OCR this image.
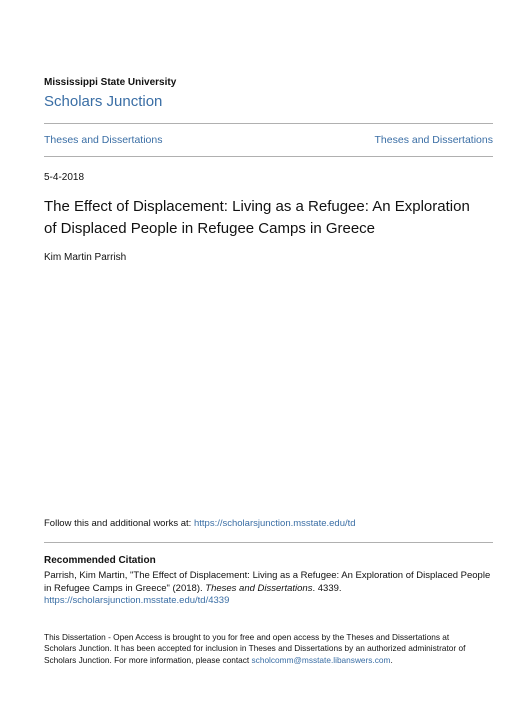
Mississippi State University
Scholars Junction
Theses and Dissertations	Theses and Dissertations
5-4-2018
The Effect of Displacement: Living as a Refugee: An Exploration
of Displaced People in Refugee Camps in Greece
Kim Martin Parrish
Follow this and additional works at: https://scholarsjunction.msstate.edu/td
Recommended Citation
Parrish, Kim Martin, "The Effect of Displacement: Living as a Refugee: An Exploration of Displaced People
in Refugee Camps in Greece" (2018). Theses and Dissertations. 4339.
https://scholarsjunction.msstate.edu/td/4339
This Dissertation - Open Access is brought to you for free and open access by the Theses and Dissertations at
Scholars Junction. It has been accepted for inclusion in Theses and Dissertations by an authorized administrator of
Scholars Junction. For more information, please contact scholcomm@msstate.libanswers.com.
